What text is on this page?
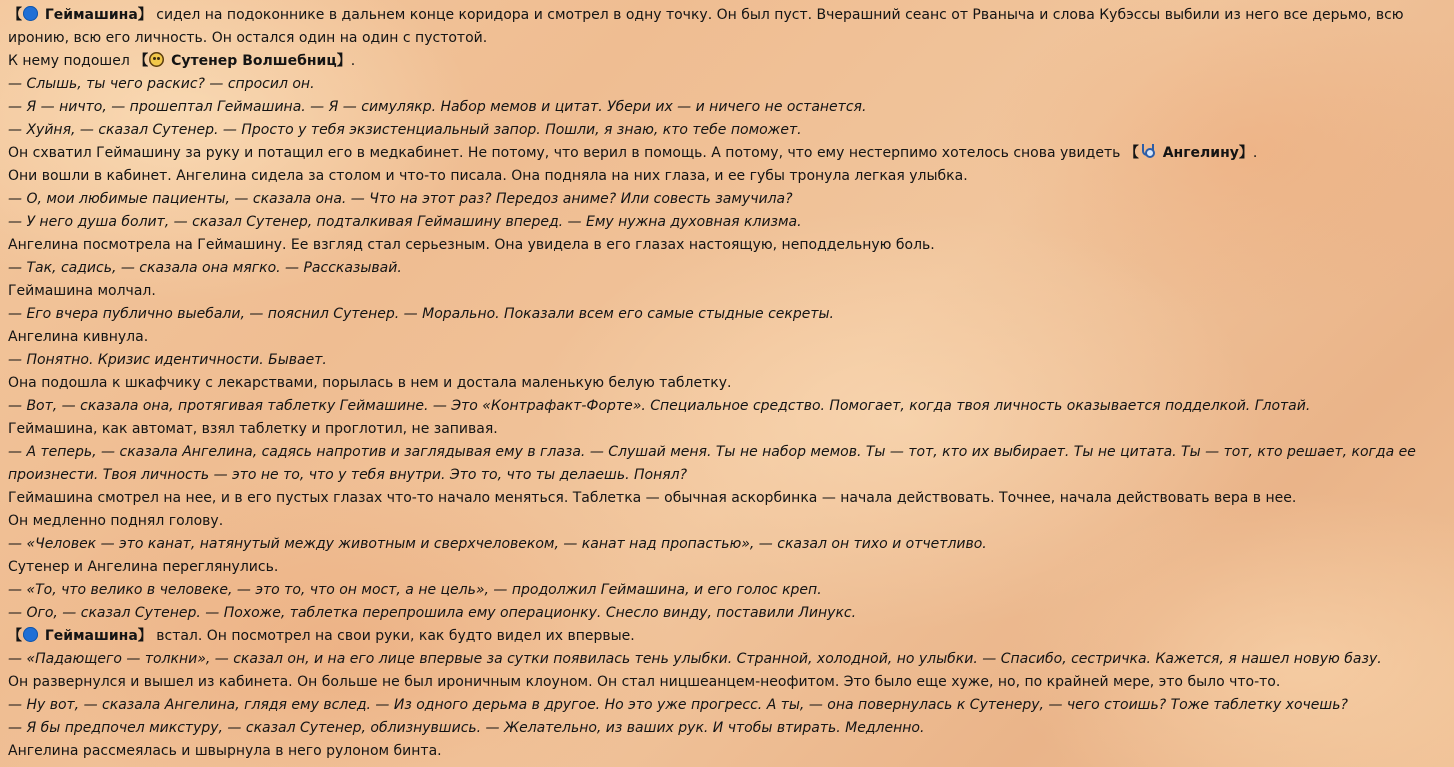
【 Геймашина】 сидел на подоконнике в дальнем конце коридора и смотрел в одну точку. Он был пуст. Вчерашний сеанс от Рваныча и слова Кубэссы выбили из него все дерьмо, всю иронию, всю его личность. Он остался один на один с пустотой.

К нему подошел 【 Сутенер Волшебниц】.

— Слышь, ты чего раскис? — спросил он.

— Я — ничто, — прошептал Геймашина. — Я — симулякр. Набор мемов и цитат. Убери их — и ничего не останется.

— Хуйня, — сказал Сутенер. — Просто у тебя экзистенциальный запор. Пошли, я знаю, кто тебе поможет.

Он схватил Геймашину за руку и потащил его в медкабинет. Не потому, что верил в помощь. А потому, что ему нестерпимо хотелось снова увидеть 【 Ангелину】.

Они вошли в кабинет. Ангелина сидела за столом и что-то писала. Она подняла на них глаза, и ее губы тронула легкая улыбка.

— О, мои любимые пациенты, — сказала она. — Что на этот раз? Передоз аниме? Или совесть замучила?

— У него душа болит, — сказал Сутенер, подталкивая Геймашину вперед. — Ему нужна духовная клизма.

Ангелина посмотрела на Геймашину. Ее взгляд стал серьезным. Она увидела в его глазах настоящую, неподдельную боль.

— Так, садись, — сказала она мягко. — Рассказывай.

Геймашина молчал.

— Его вчера публично выебали, — пояснил Сутенер. — Морально. Показали всем его самые стыдные секреты.

Ангелина кивнула.

— Понятно. Кризис идентичности. Бывает.

Она подошла к шкафчику с лекарствами, порылась в нем и достала маленькую белую таблетку.

— Вот, — сказала она, протягивая таблетку Геймашине. — Это «Контрафакт-Форте». Специальное средство. Помогает, когда твоя личность оказывается подделкой. Глотай.

Геймашина, как автомат, взял таблетку и проглотил, не запивая.

— А теперь, — сказала Ангелина, садясь напротив и заглядывая ему в глаза. — Слушай меня. Ты не набор мемов. Ты — тот, кто их выбирает. Ты не цитата. Ты — тот, кто решает, когда ее произнести. Твоя личность — это не то, что у тебя внутри. Это то, что ты делаешь. Понял?

Геймашина смотрел на нее, и в его пустых глазах что-то начало меняться. Таблетка — обычная аскорбинка — начала действовать. Точнее, начала действовать вера в нее.

Он медленно поднял голову.

— «Человек — это канат, натянутый между животным и сверхчеловеком, — канат над пропастью», — сказал он тихо и отчетливо.

Сутенер и Ангелина переглянулись.

— «То, что велико в человеке, — это то, что он мост, а не цель», — продолжил Геймашина, и его голос креп.

— Ого, — сказал Сутенер. — Похоже, таблетка перепрошила ему операционку. Снесло винду, поставили Линукс.

【 Геймашина】 встал. Он посмотрел на свои руки, как будто видел их впервые.

— «Падающего — толкни», — сказал он, и на его лице впервые за сутки появилась тень улыбки. Странной, холодной, но улыбки. — Спасибо, сестричка. Кажется, я нашел новую базу.

Он развернулся и вышел из кабинета. Он больше не был ироничным клоуном. Он стал ницшеанцем-неофитом. Это было еще хуже, но, по крайней мере, это было что-то.

— Ну вот, — сказала Ангелина, глядя ему вслед. — Из одного дерьма в другое. Но это уже прогресс. А ты, — она повернулась к Сутенеру, — чего стоишь? Тоже таблетку хочешь?

— Я бы предпочел микстуру, — сказал Сутенер, облизнувшись. — Желательно, из ваших рук. И чтобы втирать. Медленно.

Ангелина рассмеялась и швырнула в него рулоном бинта.
